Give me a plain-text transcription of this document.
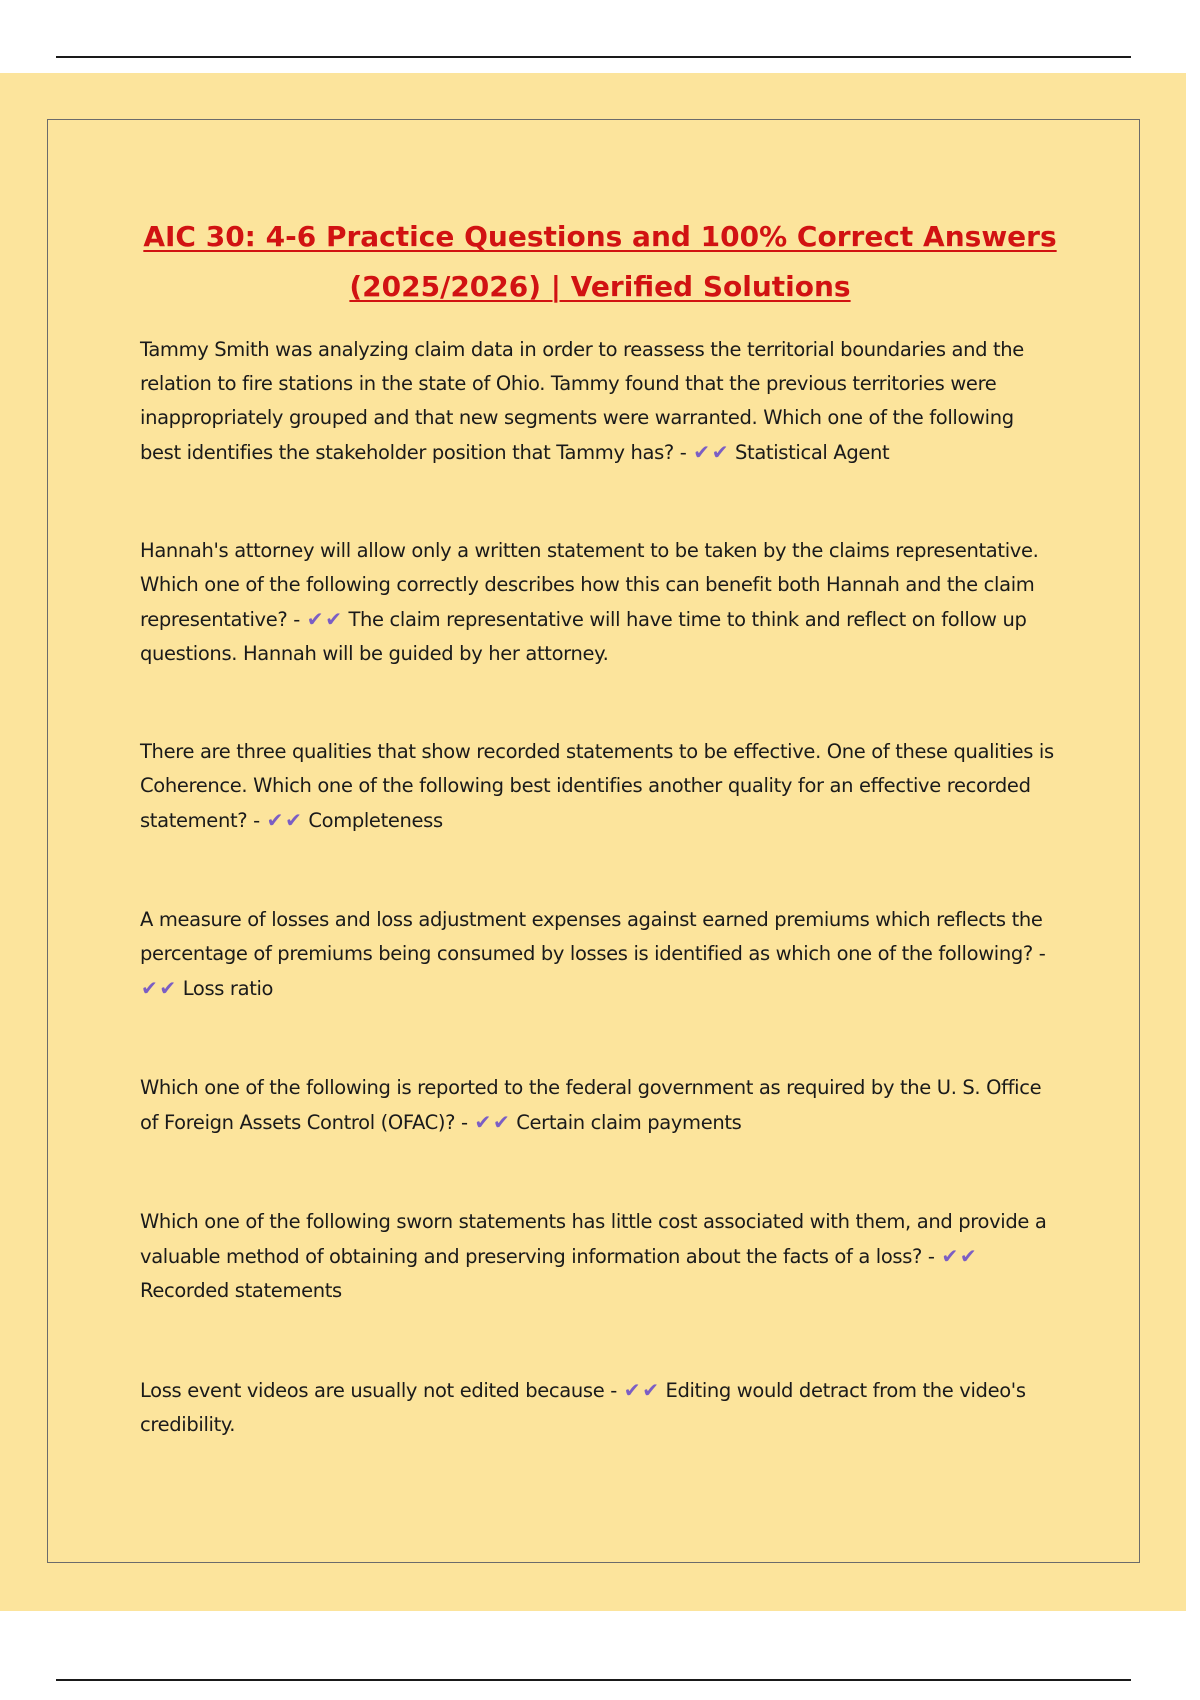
AIC 30: 4-6 Practice Questions and 100% Correct Answers
(2025/2026) | Verified Solutions
Tammy Smith was analyzing claim data in order to reassess the territorial boundaries and the relation to fire stations in the state of Ohio. Tammy found that the previous territories were inappropriately grouped and that new segments were warranted. Which one of the following best identifies the stakeholder position that Tammy has? - ✔ ✔ Statistical Agent
Hannah's attorney will allow only a written statement to be taken by the claims representative. Which one of the following correctly describes how this can benefit both Hannah and the claim representative? - ✔ ✔ The claim representative will have time to think and reflect on follow up questions. Hannah will be guided by her attorney.
There are three qualities that show recorded statements to be effective. One of these qualities is Coherence. Which one of the following best identifies another quality for an effective recorded statement? - ✔ ✔ Completeness
A measure of losses and loss adjustment expenses against earned premiums which reflects the percentage of premiums being consumed by losses is identified as which one of the following? - ✔ ✔ Loss ratio
Which one of the following is reported to the federal government as required by the U. S. Office of Foreign Assets Control (OFAC)? - ✔ ✔ Certain claim payments
Which one of the following sworn statements has little cost associated with them, and provide a valuable method of obtaining and preserving information about the facts of a loss? - ✔ ✔ Recorded statements
Loss event videos are usually not edited because - ✔ ✔ Editing would detract from the video's credibility.
